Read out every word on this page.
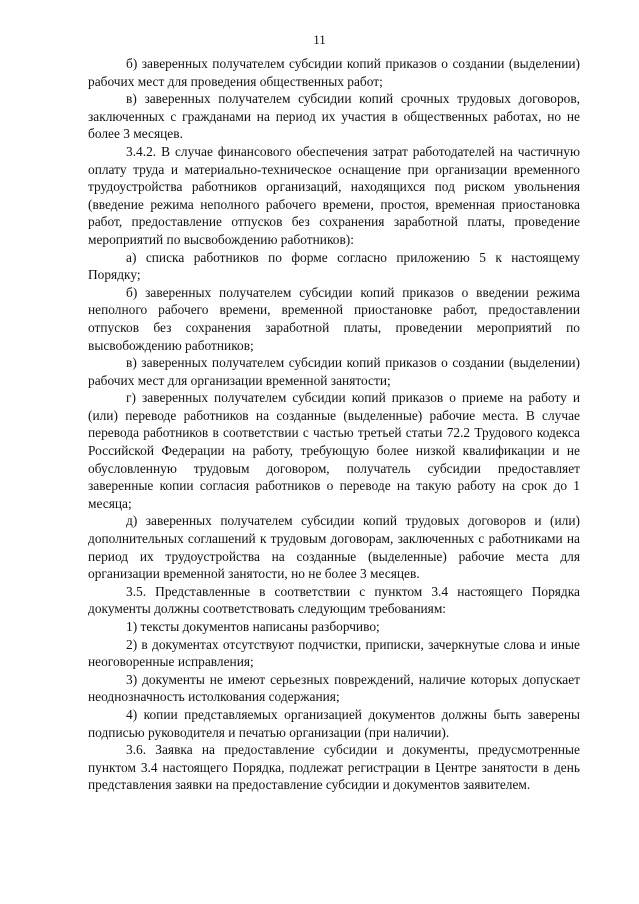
11

б) заверенных получателем субсидии копий приказов о создании (выделении) рабочих мест для проведения общественных работ;

в) заверенных получателем субсидии копий срочных трудовых договоров, заключенных с гражданами на период их участия в общественных работах, но не более 3 месяцев.

3.4.2. В случае финансового обеспечения затрат работодателей на частичную оплату труда и материально-техническое оснащение при организации временного трудоустройства работников организаций, находящихся под риском увольнения (введение режима неполного рабочего времени, простоя, временная приостановка работ, предоставление отпусков без сохранения заработной платы, проведение мероприятий по высвобождению работников):

а) списка работников по форме согласно приложению 5 к настоящему Порядку;

б) заверенных получателем субсидии копий приказов о введении режима неполного рабочего времени, временной приостановке работ, предоставлении отпусков без сохранения заработной платы, проведении мероприятий по высвобождению работников;

в) заверенных получателем субсидии копий приказов о создании (выделении) рабочих мест для организации временной занятости;

г) заверенных получателем субсидии копий приказов о приеме на работу и (или) переводе работников на созданные (выделенные) рабочие места. В случае перевода работников в соответствии с частью третьей статьи 72.2 Трудового кодекса Российской Федерации на работу, требующую более низкой квалификации и не обусловленную трудовым договором, получатель субсидии предоставляет заверенные копии согласия работников о переводе на такую работу на срок до 1 месяца;

д) заверенных получателем субсидии копий трудовых договоров и (или) дополнительных соглашений к трудовым договорам, заключенных с работниками на период их трудоустройства на созданные (выделенные) рабочие места для организации временной занятости, но не более 3 месяцев.

3.5. Представленные в соответствии с пунктом 3.4 настоящего Порядка документы должны соответствовать следующим требованиям:

1) тексты документов написаны разборчиво;

2) в документах отсутствуют подчистки, приписки, зачеркнутые слова и иные неоговоренные исправления;

3) документы не имеют серьезных повреждений, наличие которых допускает неоднозначность истолкования содержания;

4) копии представляемых организацией документов должны быть заверены подписью руководителя и печатью организации (при наличии).

3.6. Заявка на предоставление субсидии и документы, предусмотренные пунктом 3.4 настоящего Порядка, подлежат регистрации в Центре занятости в день представления заявки на предоставление субсидии и документов заявителем.
